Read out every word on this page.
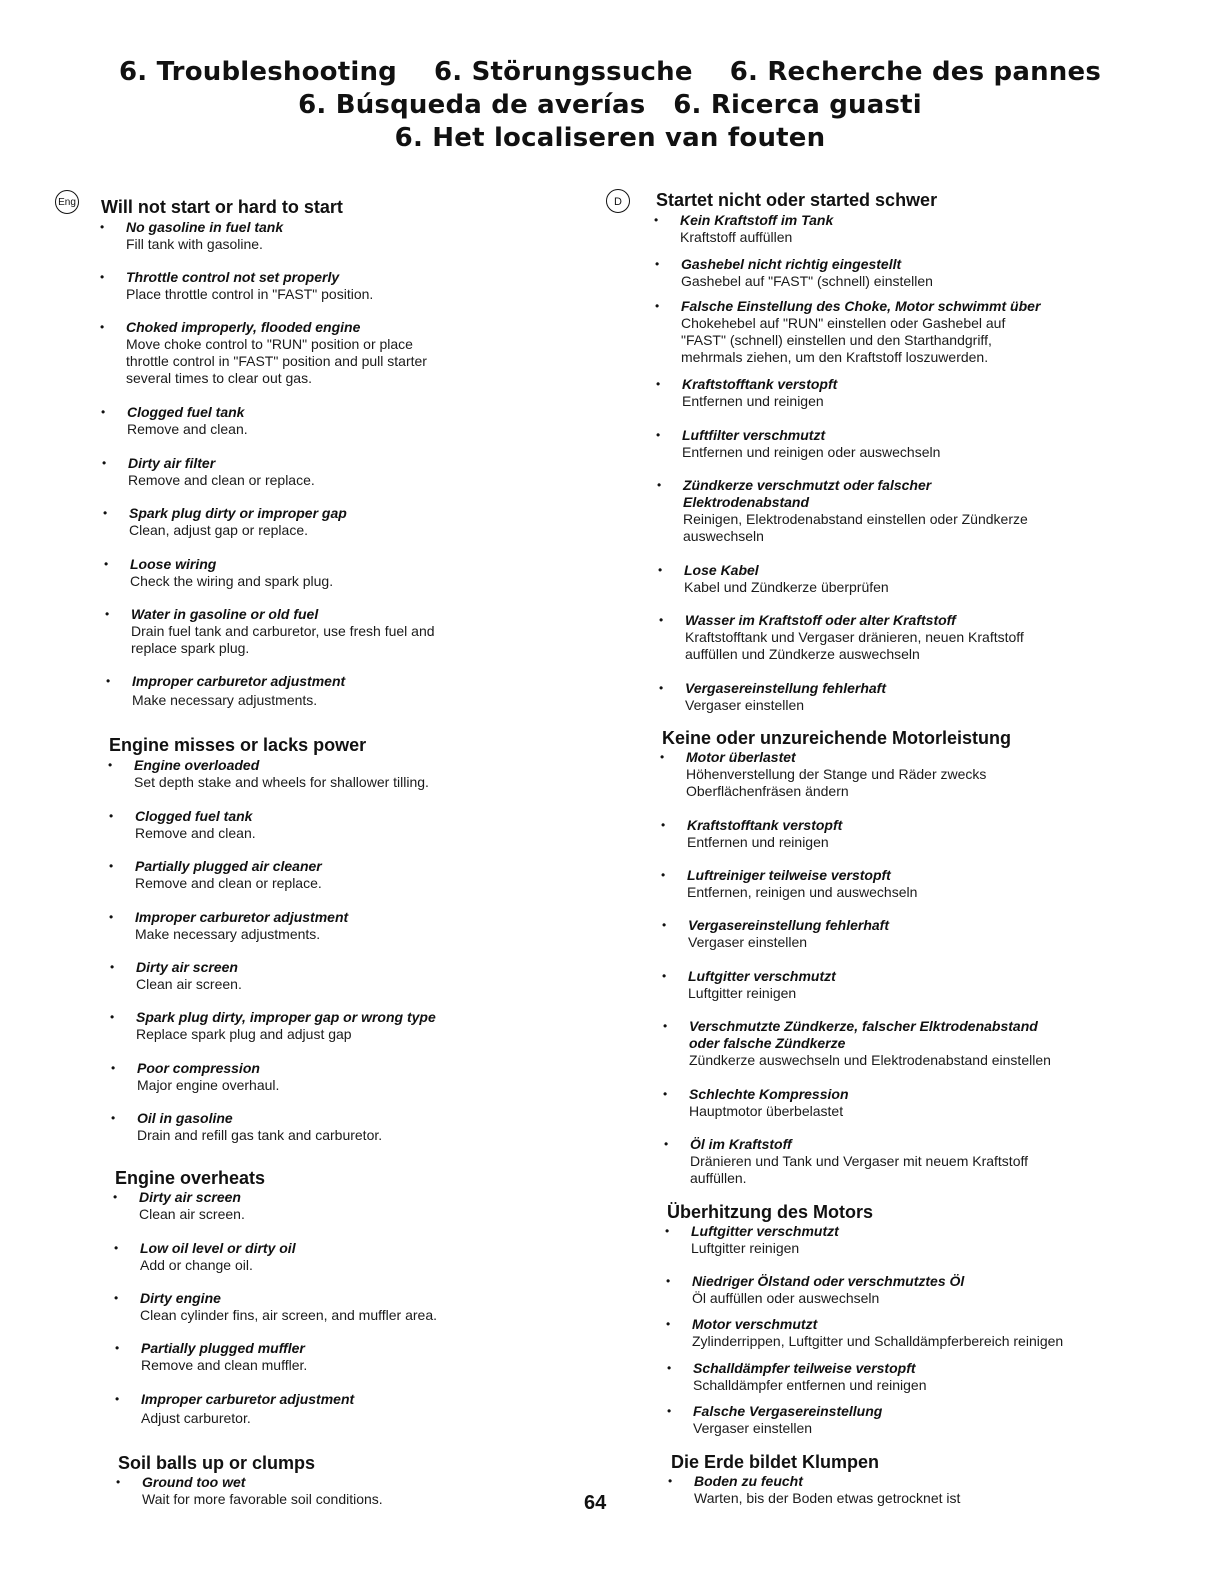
6. Troubleshooting    6. Störungssuche    6. Recherche des pannes
6. Búsqueda de averías   6. Ricerca guasti
6. Het localiseren van fouten
Eng	D
Will not start or hard to start
• No gasoline in fuel tank
Fill tank with gasoline.
• Throttle control not set properly
Place throttle control in "FAST" position.
• Choked improperly, flooded engine
Move choke control to "RUN" position or place
throttle control in "FAST" position and pull starter
several times to clear out gas.
• Clogged fuel tank
Remove and clean.
• Dirty air filter
Remove and clean or replace.
• Spark plug dirty or improper gap
Clean, adjust gap or replace.
• Loose wiring
Check the wiring and spark plug.
• Water in gasoline or old fuel
Drain fuel tank and carburetor, use fresh fuel and
replace spark plug.
• Improper carburetor adjustment
Make necessary adjustments.
Engine misses or lacks power
• Engine overloaded
Set depth stake and wheels for shallower tilling.
• Clogged fuel tank
Remove and clean.
• Partially plugged air cleaner
Remove and clean or replace.
• Improper carburetor adjustment
Make necessary adjustments.
• Dirty air screen
Clean air screen.
• Spark plug dirty, improper gap or wrong type
Replace spark plug and adjust gap
• Poor compression
Major engine overhaul.
• Oil in gasoline
Drain and refill gas tank and carburetor.
Engine overheats
• Dirty air screen
Clean air screen.
• Low oil level or dirty oil
Add or change oil.
• Dirty engine
Clean cylinder fins, air screen, and muffler area.
• Partially plugged muffler
Remove and clean muffler.
• Improper carburetor adjustment
Adjust carburetor.
Soil balls up or clumps
• Ground too wet
Wait for more favorable soil conditions.
Startet nicht oder started schwer
• Kein Kraftstoff im Tank
Kraftstoff auffüllen
• Gashebel nicht richtig eingestellt
Gashebel auf "FAST" (schnell) einstellen
• Falsche Einstellung des Choke, Motor schwimmt über
Chokehebel auf "RUN" einstellen oder Gashebel auf
"FAST" (schnell) einstellen und den Starthandgriff,
mehrmals ziehen, um den Kraftstoff loszuwerden.
• Kraftstofftank verstopft
Entfernen und reinigen
• Luftfilter verschmutzt
Entfernen und reinigen oder auswechseln
• Zündkerze verschmutzt oder falscher
Elektrodenabstand
Reinigen, Elektrodenabstand einstellen oder Zündkerze
auswechseln
• Lose Kabel
Kabel und Zündkerze überprüfen
• Wasser im Kraftstoff oder alter Kraftstoff
Kraftstofftank und Vergaser dränieren, neuen Kraftstoff
auffüllen und Zündkerze auswechseln
• Vergasereinstellung fehlerhaft
Vergaser einstellen
Keine oder unzureichende Motorleistung
• Motor überlastet
Höhenverstellung der Stange und Räder zwecks
Oberflächenfräsen ändern
• Kraftstofftank verstopft
Entfernen und reinigen
• Luftreiniger teilweise verstopft
Entfernen, reinigen und auswechseln
• Vergasereinstellung fehlerhaft
Vergaser einstellen
• Luftgitter verschmutzt
Luftgitter reinigen
• Verschmutzte Zündkerze, falscher Elktrodenabstand
oder falsche Zündkerze
Zündkerze auswechseln und Elektrodenabstand einstellen
• Schlechte Kompression
Hauptmotor überbelastet
• Öl im Kraftstoff
Dränieren und Tank und Vergaser mit neuem Kraftstoff
auffüllen.
Überhitzung des Motors
• Luftgitter verschmutzt
Luftgitter reinigen
• Niedriger Ölstand oder verschmutztes Öl
Öl auffüllen oder auswechseln
• Motor verschmutzt
Zylinderrippen, Luftgitter und Schalldämpferbereich reinigen
• Schalldämpfer teilweise verstopft
Schalldämpfer entfernen und reinigen
• Falsche Vergasereinstellung
Vergaser einstellen
Die Erde bildet Klumpen
• Boden zu feucht
Warten, bis der Boden etwas getrocknet ist
64
